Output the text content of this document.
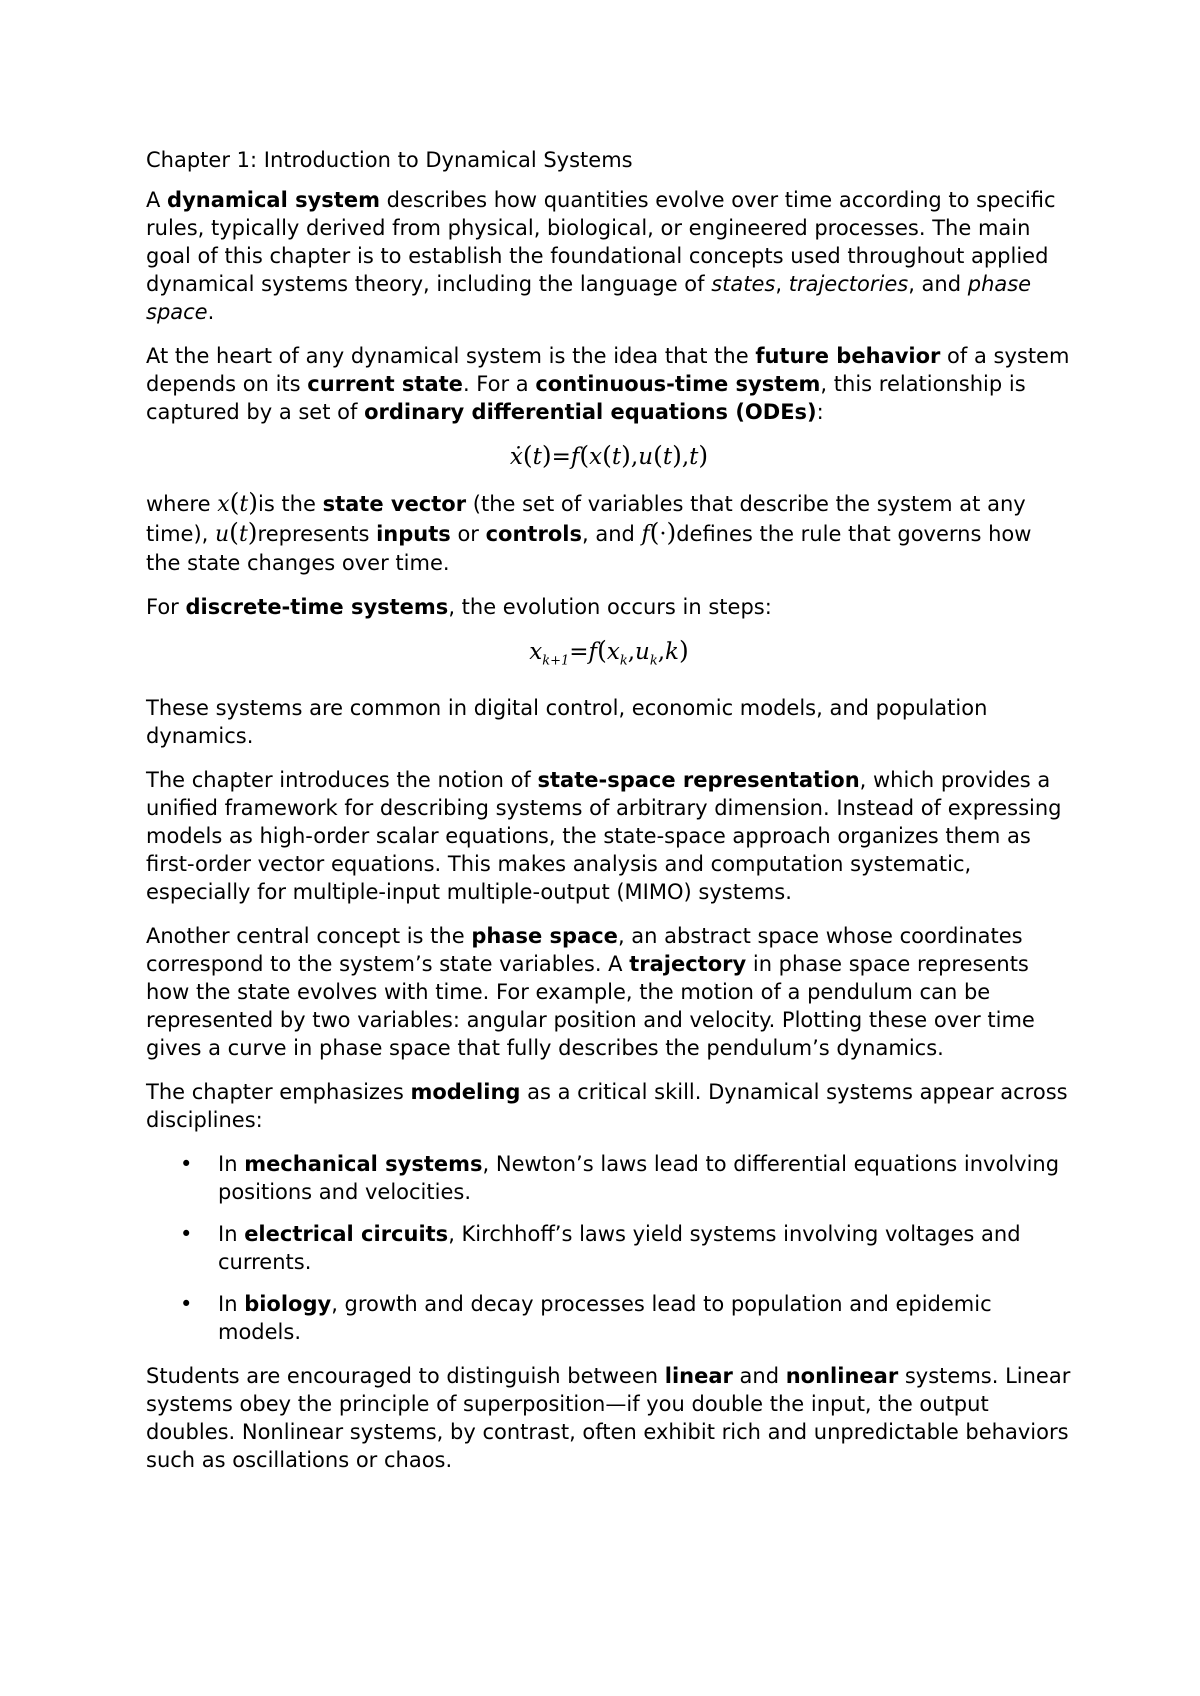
Chapter 1: Introduction to Dynamical Systems

A dynamical system describes how quantities evolve over time according to specific rules, typically derived from physical, biological, or engineered processes. The main goal of this chapter is to establish the foundational concepts used throughout applied dynamical systems theory, including the language of states, trajectories, and phase space.

At the heart of any dynamical system is the idea that the future behavior of a system depends on its current state. For a continuous-time system, this relationship is captured by a set of ordinary differential equations (ODEs):

ẋ(t)=f(x(t),u(t),t)

where x(t)is the state vector (the set of variables that describe the system at any time), u(t)represents inputs or controls, and f(·)defines the rule that governs how the state changes over time.

For discrete-time systems, the evolution occurs in steps:

$x_{k+1}=f(x_k,u_k,k)$

These systems are common in digital control, economic models, and population dynamics.

The chapter introduces the notion of state-space representation, which provides a unified framework for describing systems of arbitrary dimension. Instead of expressing models as high-order scalar equations, the state-space approach organizes them as first-order vector equations. This makes analysis and computation systematic, especially for multiple-input multiple-output (MIMO) systems.

Another central concept is the phase space, an abstract space whose coordinates correspond to the system’s state variables. A trajectory in phase space represents how the state evolves with time. For example, the motion of a pendulum can be represented by two variables: angular position and velocity. Plotting these over time gives a curve in phase space that fully describes the pendulum’s dynamics.

The chapter emphasizes modeling as a critical skill. Dynamical systems appear across disciplines:

• In mechanical systems, Newton’s laws lead to differential equations involving positions and velocities.
• In electrical circuits, Kirchhoff’s laws yield systems involving voltages and currents.
• In biology, growth and decay processes lead to population and epidemic models.

Students are encouraged to distinguish between linear and nonlinear systems. Linear systems obey the principle of superposition—if you double the input, the output doubles. Nonlinear systems, by contrast, often exhibit rich and unpredictable behaviors such as oscillations or chaos.
